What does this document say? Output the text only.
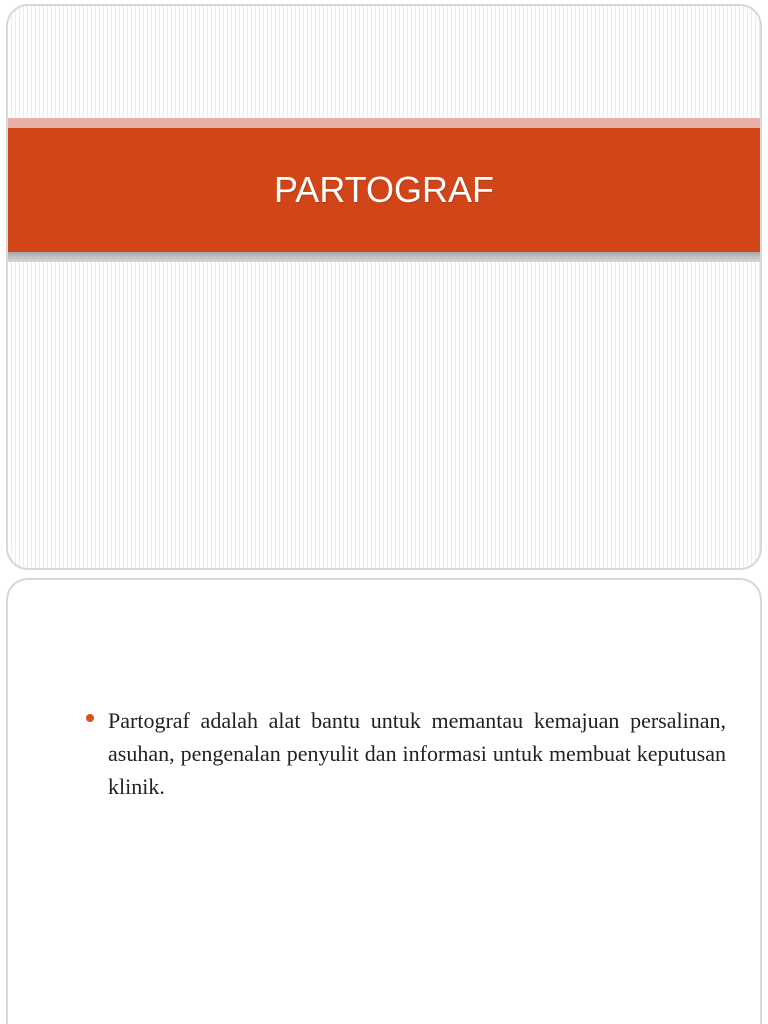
PARTOGRAF
Partograf adalah alat bantu untuk memantau kemajuan persalinan, asuhan, pengenalan penyulit dan informasi untuk membuat keputusan klinik.
